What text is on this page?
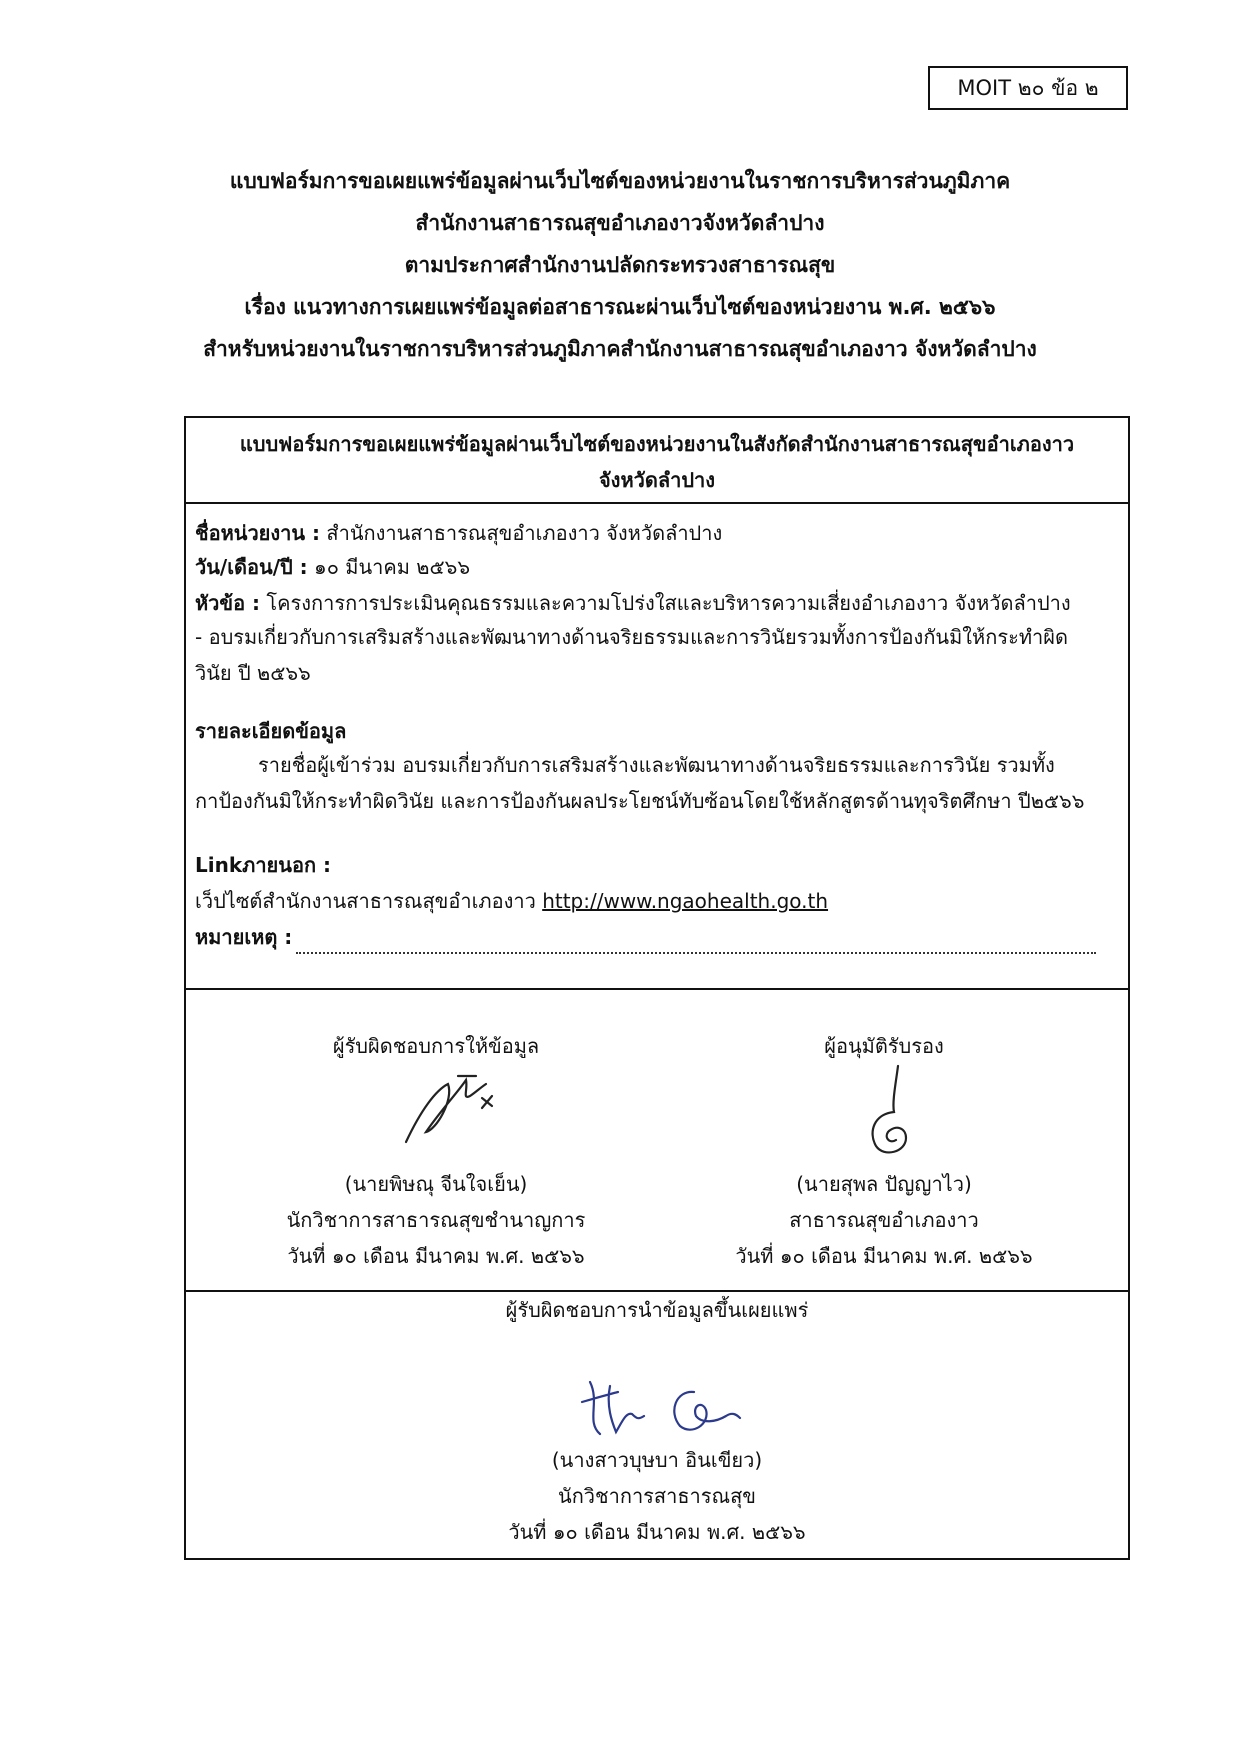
MOIT ๒๐ ข้อ ๒
แบบฟอร์มการขอเผยแพร่ข้อมูลผ่านเว็บไซต์ของหน่วยงานในราชการบริหารส่วนภูมิภาค
สำนักงานสาธารณสุขอำเภองาวจังหวัดลำปาง
ตามประกาศสำนักงานปลัดกระทรวงสาธารณสุข
เรื่อง แนวทางการเผยแพร่ข้อมูลต่อสาธารณะผ่านเว็บไซต์ของหน่วยงาน พ.ศ. ๒๕๖๖
สำหรับหน่วยงานในราชการบริหารส่วนภูมิภาคสำนักงานสาธารณสุขอำเภองาว จังหวัดลำปาง
แบบฟอร์มการขอเผยแพร่ข้อมูลผ่านเว็บไซต์ของหน่วยงานในสังกัดสำนักงานสาธารณสุขอำเภองาว
จังหวัดลำปาง
ชื่อหน่วยงาน : สำนักงานสาธารณสุขอำเภองาว จังหวัดลำปาง
วัน/เดือน/ปี : ๑๐ มีนาคม ๒๕๖๖
หัวข้อ : โครงการการประเมินคุณธรรมและความโปร่งใสและบริหารความเสี่ยงอำเภองาว จังหวัดลำปาง
- อบรมเกี่ยวกับการเสริมสร้างและพัฒนาทางด้านจริยธรรมและการวินัยรวมทั้งการป้องกันมิให้กระทำผิด
วินัย ปี ๒๕๖๖
รายละเอียดข้อมูล
รายชื่อผู้เข้าร่วม อบรมเกี่ยวกับการเสริมสร้างและพัฒนาทางด้านจริยธรรมและการวินัย รวมทั้ง
กาป้องกันมิให้กระทำผิดวินัย และการป้องกันผลประโยชน์ทับซ้อนโดยใช้หลักสูตรด้านทุจริตศึกษา ปี๒๕๖๖
Linkภายนอก :
เว็ปไซต์สำนักงานสาธารณสุขอำเภองาว http://www.ngaohealth.go.th
หมายเหตุ :
ผู้รับผิดชอบการให้ข้อมูล
(นายพิษณุ จีนใจเย็น)
นักวิชาการสาธารณสุขชำนาญการ
วันที่ ๑๐ เดือน มีนาคม พ.ศ. ๒๕๖๖
ผู้อนุมัติรับรอง
(นายสุพล ปัญญาไว)
สาธารณสุขอำเภองาว
วันที่ ๑๐ เดือน มีนาคม พ.ศ. ๒๕๖๖
ผู้รับผิดชอบการนำข้อมูลขึ้นเผยแพร่
(นางสาวบุษบา อินเขียว)
นักวิชาการสาธารณสุข
วันที่ ๑๐ เดือน มีนาคม พ.ศ. ๒๕๖๖
